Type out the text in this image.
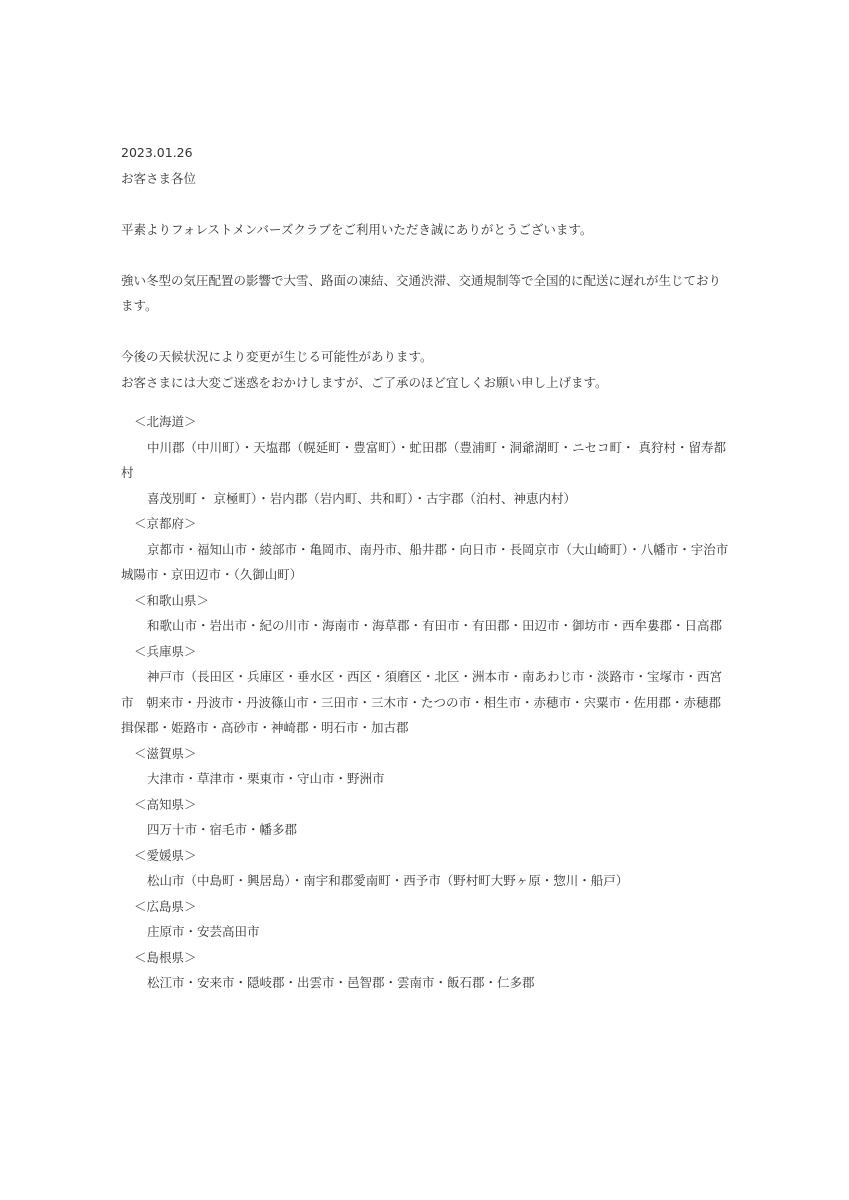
2023.01.26
お客さま各位
平素よりフォレストメンバーズクラブをご利用いただき誠にありがとうございます。
強い冬型の気圧配置の影響で大雪、路面の凍結、交通渋滞、交通規制等で全国的に配送に遅れが生じております。
今後の天候状況により変更が生じる可能性があります。
お客さまには大変ご迷惑をおかけしますが、ご了承のほど宜しくお願い申し上げます。
＜北海道＞
中川郡（中川町）・天塩郡（幌延町・豊富町）・虻田郡（豊浦町・洞爺湖町・ニセコ町・ 真狩村・留寿都村
喜茂別町・ 京極町）・岩内郡（岩内町、共和町）・古宇郡（泊村、神恵内村）
＜京都府＞
京都市・福知山市・綾部市・亀岡市、南丹市、船井郡・向日市・長岡京市（大山崎町）・八幡市・宇治市　城陽市・京田辺市・（久御山町）
＜和歌山県＞
和歌山市・岩出市・紀の川市・海南市・海草郡・有田市・有田郡・田辺市・御坊市・西牟婁郡・日高郡
＜兵庫県＞
神戸市（長田区・兵庫区・垂水区・西区・須磨区・北区・洲本市・南あわじ市・淡路市・宝塚市・西宮市　朝来市・丹波市・丹波篠山市・三田市・三木市・たつの市・相生市・赤穂市・宍粟市・佐用郡・赤穂郡　揖保郡・姫路市・高砂市・神崎郡・明石市・加古郡
＜滋賀県＞
大津市・草津市・栗東市・守山市・野洲市
＜高知県＞
四万十市・宿毛市・幡多郡
＜愛媛県＞
松山市（中島町・興居島）・南宇和郡愛南町・西予市（野村町大野ヶ原・惣川・船戸）
＜広島県＞
庄原市・安芸高田市
＜島根県＞
松江市・安来市・隠岐郡・出雲市・邑智郡・雲南市・飯石郡・仁多郡
